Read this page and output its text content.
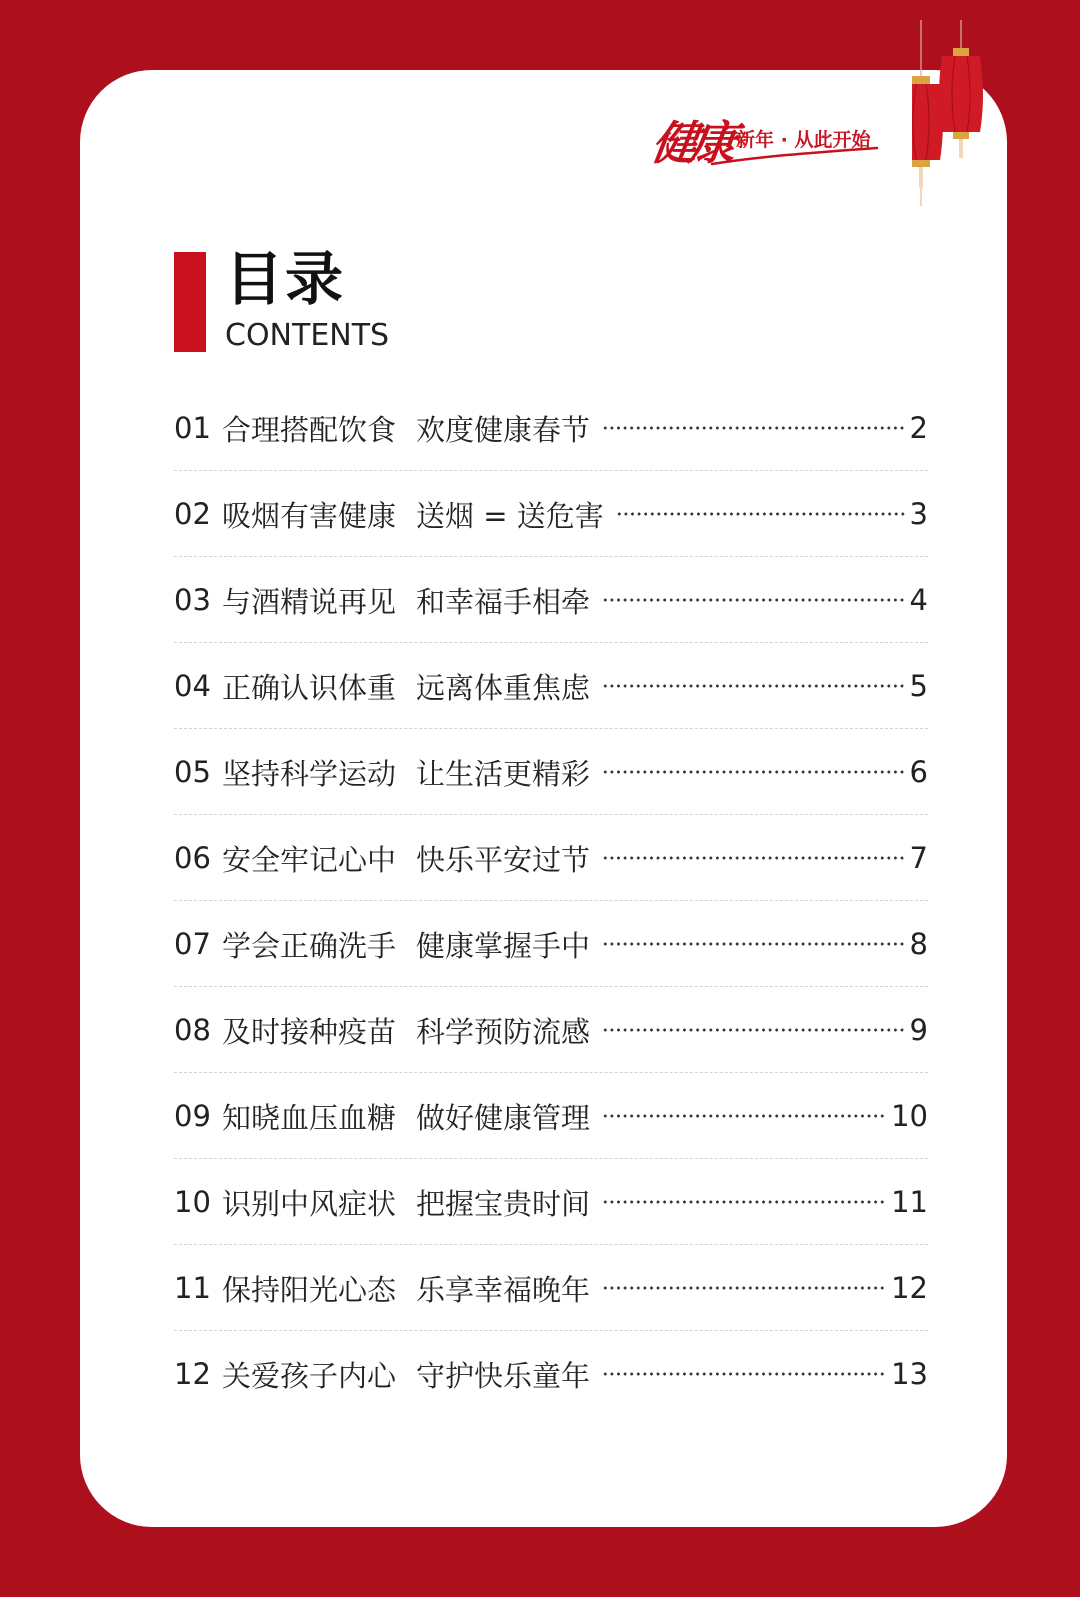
健康 新年 · 从此开始
目录
CONTENTS
01 合理搭配饮食 欢度健康春节	2
02 吸烟有害健康 送烟 = 送危害	3
03 与酒精说再见 和幸福手相牵	4
04 正确认识体重 远离体重焦虑	5
05 坚持科学运动 让生活更精彩	6
06 安全牢记心中 快乐平安过节	7
07 学会正确洗手 健康掌握手中	8
08 及时接种疫苗 科学预防流感	9
09 知晓血压血糖 做好健康管理	10
10 识别中风症状 把握宝贵时间	11
11 保持阳光心态 乐享幸福晚年	12
12 关爱孩子内心 守护快乐童年	13
